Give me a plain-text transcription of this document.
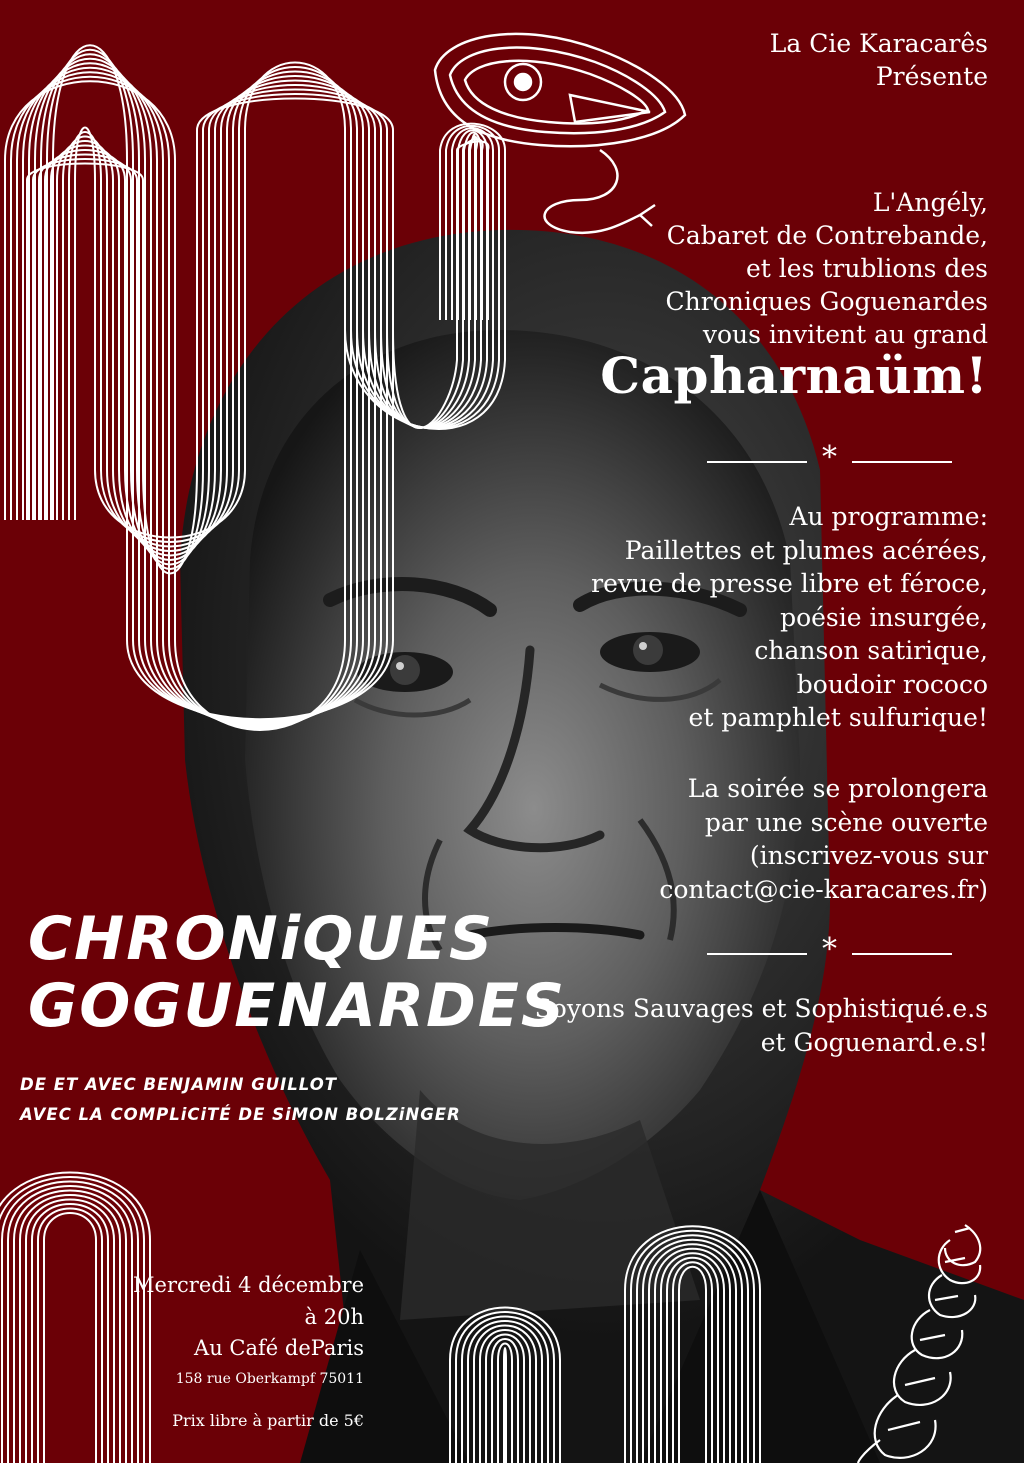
La Cie Karacarês
Présente
L'Angély,
Cabaret de Contrebande,
et les trublions des
Chroniques Goguenardes
vous invitent au grand
Capharnaüm!
*
Au programme:
Paillettes et plumes acérées,
revue de presse libre et féroce,
poésie insurgée,
chanson satirique,
boudoir rococo
et pamphlet sulfurique!
La soirée se prolongera
par une scène ouverte
(inscrivez-vous sur
contact@cie-karacares.fr)
*
Soyons Sauvages et Sophistiqué.e.s
et Goguenard.e.s!
CHRONiQUES
GOGUENARDES
DE ET AVEC BENJAMIN GUILLOT
AVEC LA COMPLiCiTÉ DE SiMON BOLZiNGER
Mercredi 4 décembre
à 20h
Au Café deParis
158 rue Oberkampf 75011
Prix libre à partir de 5€
